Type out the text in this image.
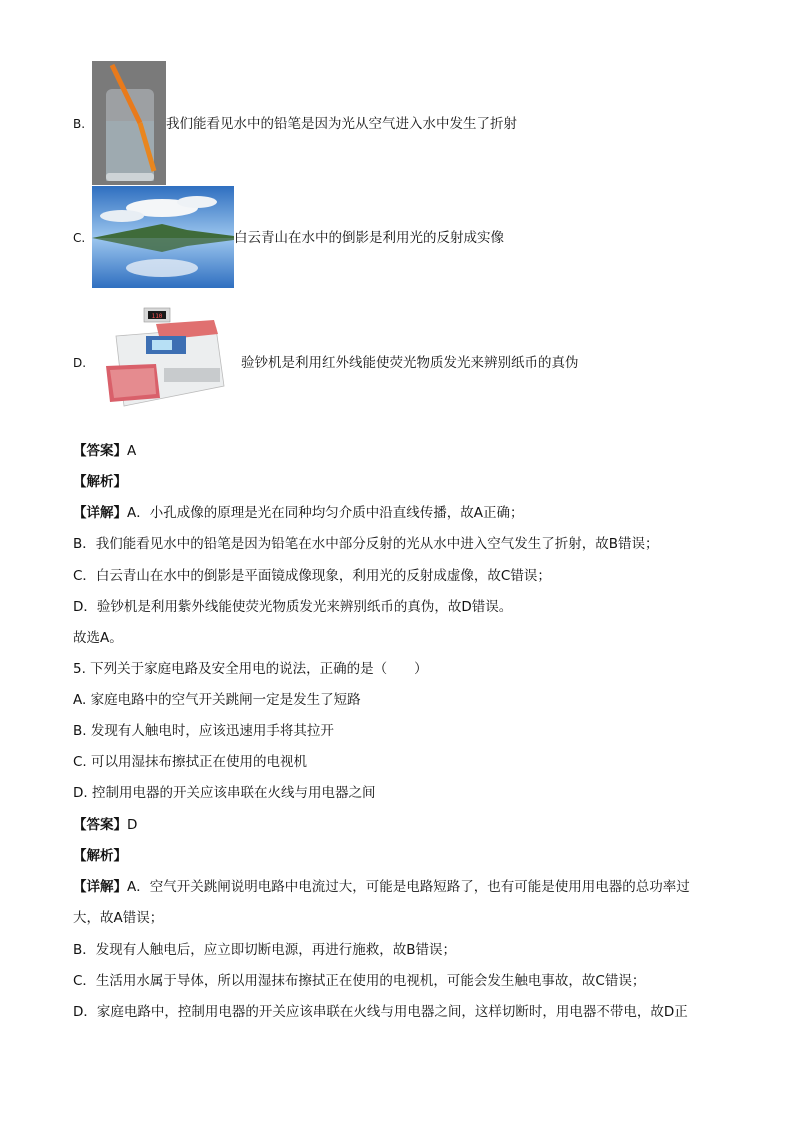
B.	我们能看见水中的铅笔是因为光从空气进入水中发生了折射
C.	白云青山在水中的倒影是利用光的反射成实像
D.
110
验钞机是利用红外线能使荧光物质发光来辨别纸币的真伪
【答案】A
【解析】
【详解】A．小孔成像的原理是光在同种均匀介质中沿直线传播，故A正确；
B．我们能看见水中的铅笔是因为铅笔在水中部分反射的光从水中进入空气发生了折射，故B错误；
C．白云青山在水中的倒影是平面镜成像现象，利用光的反射成虚像，故C错误；
D．验钞机是利用紫外线能使荧光物质发光来辨别纸币的真伪，故D错误。
故选A。
5. 下列关于家庭电路及安全用电的说法，正确的是（　　）
A. 家庭电路中的空气开关跳闸一定是发生了短路
B. 发现有人触电时，应该迅速用手将其拉开
C. 可以用湿抹布擦拭正在使用的电视机
D. 控制用电器的开关应该串联在火线与用电器之间
【答案】D
【解析】
【详解】A．空气开关跳闸说明电路中电流过大，可能是电路短路了，也有可能是使用用电器的总功率过
大，故A错误；
B．发现有人触电后，应立即切断电源，再进行施救，故B错误；
C．生活用水属于导体，所以用湿抹布擦拭正在使用的电视机，可能会发生触电事故，故C错误；
D．家庭电路中，控制用电器的开关应该串联在火线与用电器之间，这样切断时，用电器不带电，故D正
